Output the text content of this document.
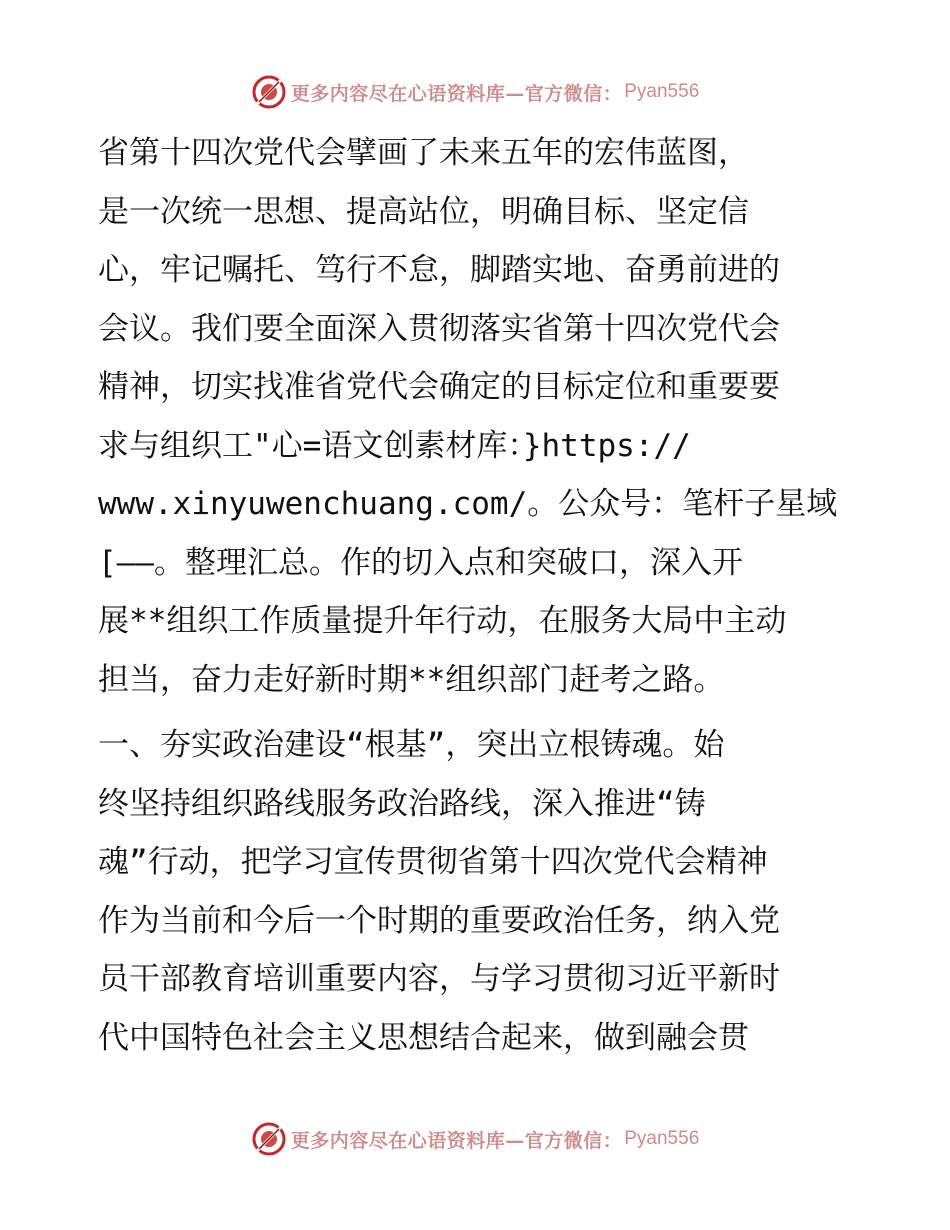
更多内容尽在心语资料库—官方微信： Pyan556
省第十四次党代会擘画了未来五年的宏伟蓝图，
是一次统一思想、提高站位，明确目标、坚定信
心，牢记嘱托、笃行不怠，脚踏实地、奋勇前进的
会议。我们要全面深入贯彻落实省第十四次党代会
精神，切实找准省党代会确定的目标定位和重要要
求与组织工"心=语文创素材库：}https://
www.xinyuwenchuang.com/。公众号：笔杆子星域
[——。整理汇总。作的切入点和突破口，深入开
展**组织工作质量提升年行动，在服务大局中主动
担当，奋力走好新时期**组织部门赶考之路。
一、夯实政治建设“根基”，突出立根铸魂。始
终坚持组织路线服务政治路线，深入推进“铸
魂”行动，把学习宣传贯彻省第十四次党代会精神
作为当前和今后一个时期的重要政治任务，纳入党
员干部教育培训重要内容，与学习贯彻习近平新时
代中国特色社会主义思想结合起来，做到融会贯
更多内容尽在心语资料库—官方微信： Pyan556
